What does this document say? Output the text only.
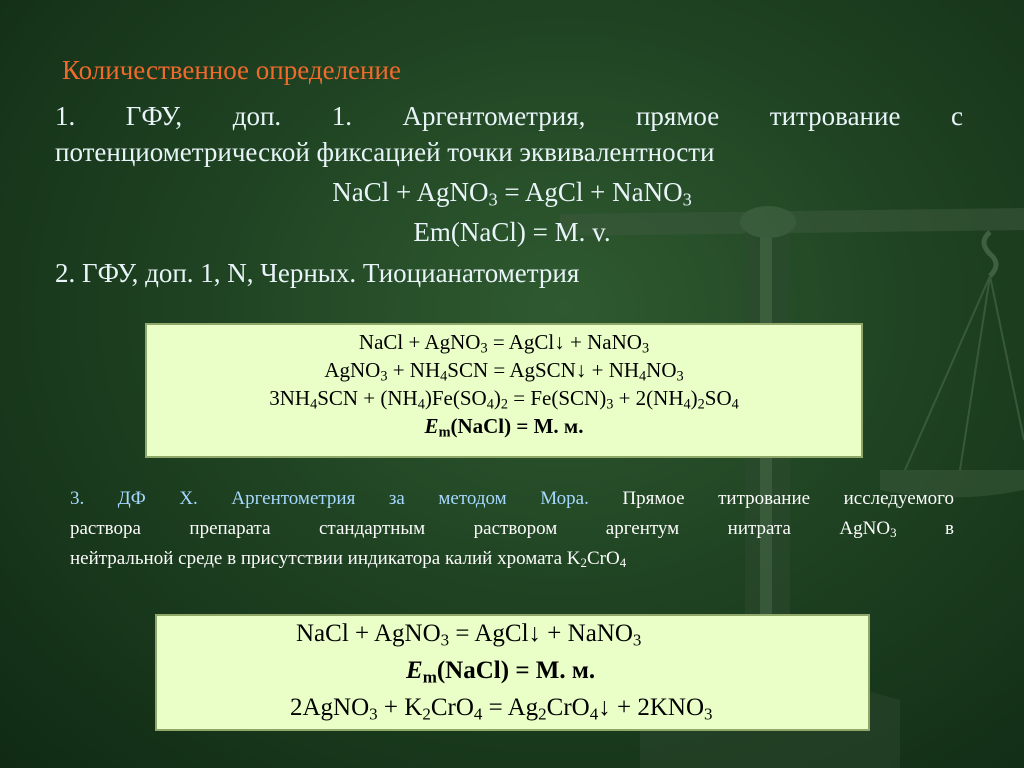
Количественное определение

1. ГФУ, доп. 1. Аргентометрия, прямое титрование с

потенциометрической фиксацией точки эквивалентности

NaCl + AgNO$_3$ = AgCl + NaNO$_3$

Em(NaCl) = M. v.

2. ГФУ, доп. 1, N, Черных. Тиоцианатометрия

NaCl + AgNO$_3$ = AgCl↓ + NaNO$_3$
AgNO$_3$ + $NH_4SCN$ = AgSCN↓ + $NH_4NO_3$
$3NH_4SCN + (NH_4)Fe(SO_4)_2 = Fe(SCN)_3 + 2(NH_4)_2SO_4$
$E_m(NaCl) = M$. м.
3. ДФ Х. Аргентометрия за методом Мора. Прямое титрование исследуемого
раствора препарата стандартным раствором аргентум нитрата AgNO$_3$ в
нейтральной среде в присутствии индикатора калий хромата $K_2CrO_4$
NaCl + AgNO$_3$ = AgCl↓ + NaNO$_3$
$E_m(NaCl) = M$. м.
2AgNO$_3$ + $K_2CrO_4$ = $Ag_2CrO_4↓ + 2KNO_3$
